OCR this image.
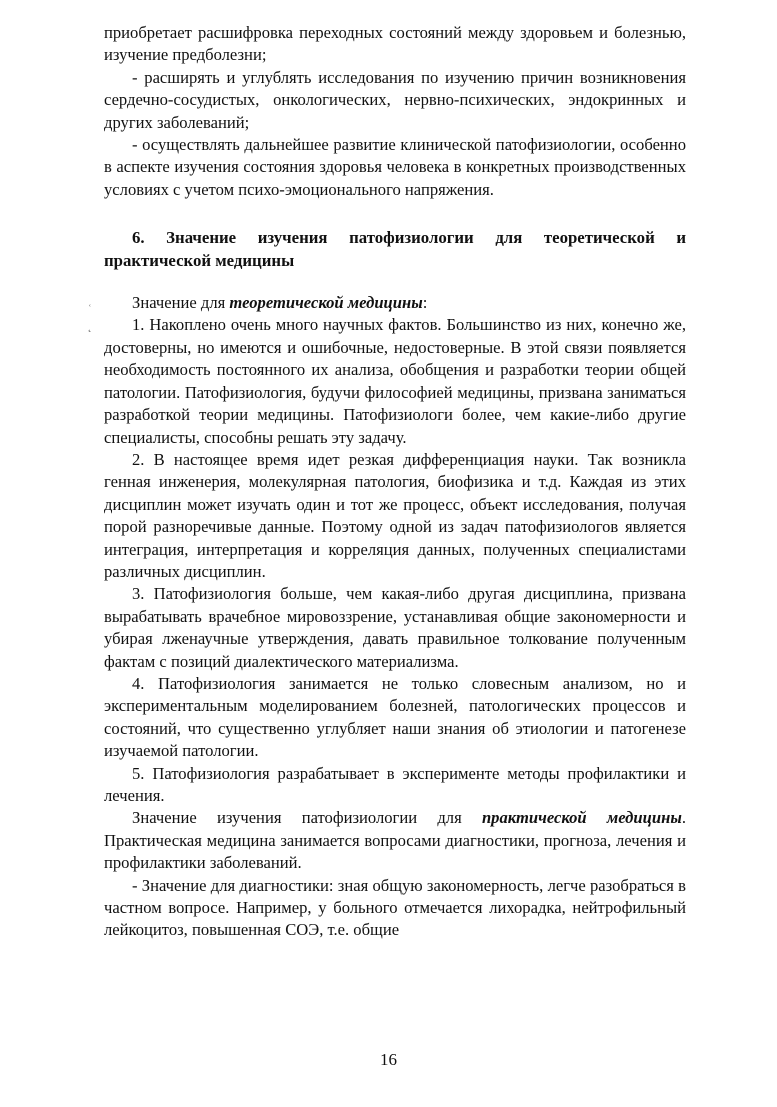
ʿ
˛

приобретает расшифровка переходных состояний между здоровьем и болезнью, изучение предболезни;

- расширять и углублять исследования по изучению причин возникновения сердечно-сосудистых, онкологических, нервно-психических, эндокринных и других заболеваний;

- осуществлять дальнейшее развитие клинической патофизиологии, особенно в аспекте изучения состояния здоровья человека в конкретных производственных условиях с учетом психо-эмоционального напряжения.

6. Значение изучения патофизиологии для теоретической и практической медицины

Значение для теоретической медицины:

1. Накоплено очень много научных фактов. Большинство из них, конечно же, достоверны, но имеются и ошибочные, недостоверные. В этой связи появляется необходимость постоянного их анализа, обобщения и разработки теории общей патологии. Патофизиология, будучи философией медицины, призвана заниматься разработкой теории медицины. Патофизиологи более, чем какие-либо другие специалисты, способны решать эту задачу.

2. В настоящее время идет резкая дифференциация науки. Так возникла генная инженерия, молекулярная патология, биофизика и т.д. Каждая из этих дисциплин может изучать один и тот же процесс, объект исследования, получая порой разноречивые данные. Поэтому одной из задач патофизиологов является интеграция, интерпретация и корреляция данных, полученных специалистами различных дисциплин.

3. Патофизиология больше, чем какая-либо другая дисциплина, призвана вырабатывать врачебное мировоззрение, устанавливая общие закономерности и убирая лженаучные утверждения, давать правильное толкование полученным фактам с позиций диалектического материализма.

4. Патофизиология занимается не только словесным анализом, но и экспериментальным моделированием болезней, патологических процессов и состояний, что существенно углубляет наши знания об этиологии и патогенезе изучаемой патологии.

5. Патофизиология разрабатывает в эксперименте методы профилактики и лечения.

Значение изучения патофизиологии для практической медицины. Практическая медицина занимается вопросами диагностики, прогноза, лечения и профилактики заболеваний.

- Значение для диагностики: зная общую закономерность, легче разобраться в частном вопросе. Например, у больного отмечается лихорадка, нейтрофильный лейкоцитоз, повышенная СОЭ, т.е. общие

16
